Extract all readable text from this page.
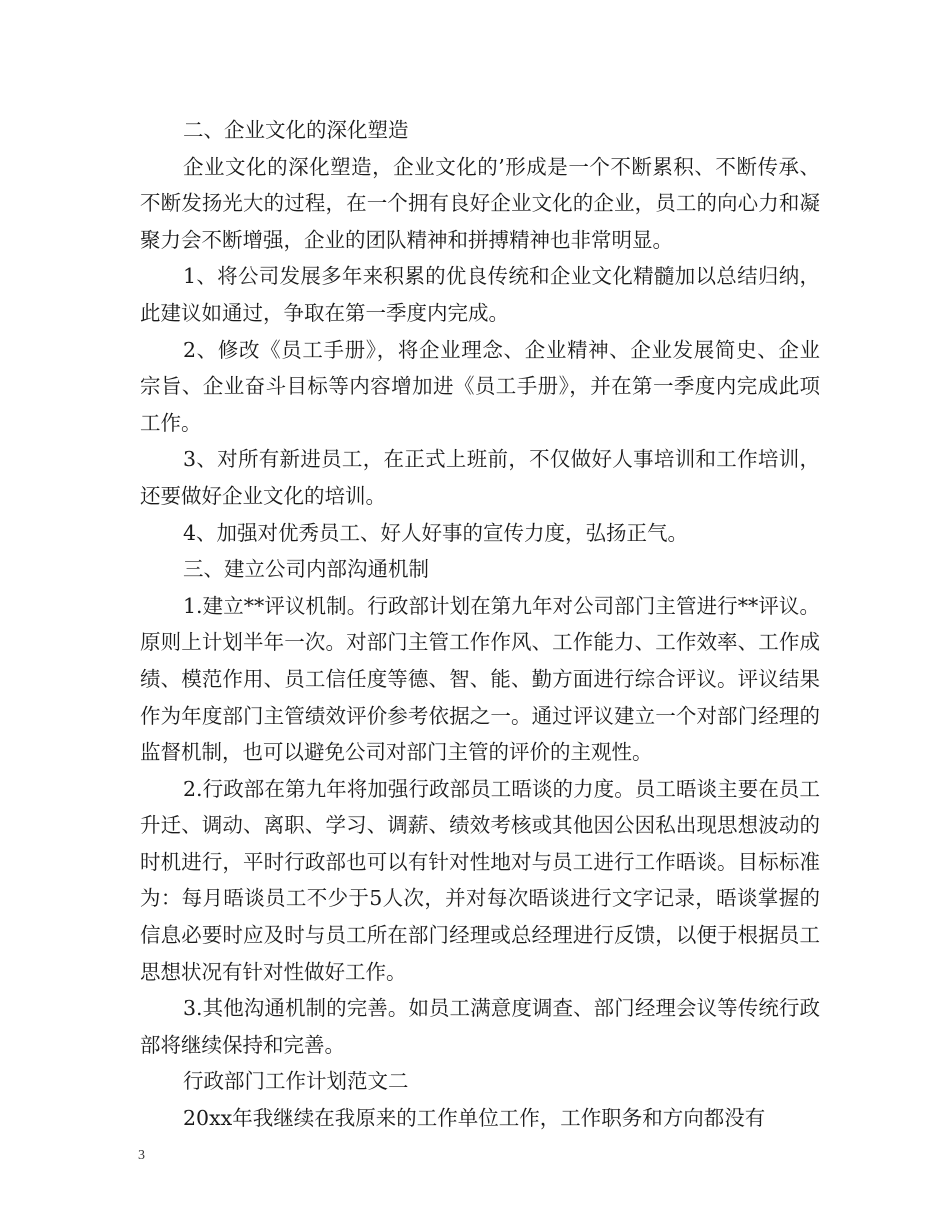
二、企业文化的深化塑造

企业文化的深化塑造，企业文化的’形成是一个不断累积、不断传承、不断发扬光大的过程，在一个拥有良好企业文化的企业，员工的向心力和凝聚力会不断增强，企业的团队精神和拼搏精神也非常明显。

1、将公司发展多年来积累的优良传统和企业文化精髓加以总结归纳，此建议如通过，争取在第一季度内完成。

2、修改《员工手册》，将企业理念、企业精神、企业发展简史、企业宗旨、企业奋斗目标等内容增加进《员工手册》，并在第一季度内完成此项工作。

3、对所有新进员工，在正式上班前，不仅做好人事培训和工作培训，还要做好企业文化的培训。

4、加强对优秀员工、好人好事的宣传力度，弘扬正气。

三、建立公司内部沟通机制

1.建立**评议机制。行政部计划在第九年对公司部门主管进行**评议。原则上计划半年一次。对部门主管工作作风、工作能力、工作效率、工作成绩、模范作用、员工信任度等德、智、能、勤方面进行综合评议。评议结果作为年度部门主管绩效评价参考依据之一。通过评议建立一个对部门经理的监督机制，也可以避免公司对部门主管的评价的主观性。

2.行政部在第九年将加强行政部员工晤谈的力度。员工晤谈主要在员工升迁、调动、离职、学习、调薪、绩效考核或其他因公因私出现思想波动的时机进行，平时行政部也可以有针对性地对与员工进行工作晤谈。目标标准为：每月晤谈员工不少于5人次，并对每次晤谈进行文字记录，晤谈掌握的信息必要时应及时与员工所在部门经理或总经理进行反馈，以便于根据员工思想状况有针对性做好工作。

3.其他沟通机制的完善。如员工满意度调查、部门经理会议等传统行政部将继续保持和完善。

行政部门工作计划范文二

20xx年我继续在我原来的工作单位工作，工作职务和方向都没有

3
